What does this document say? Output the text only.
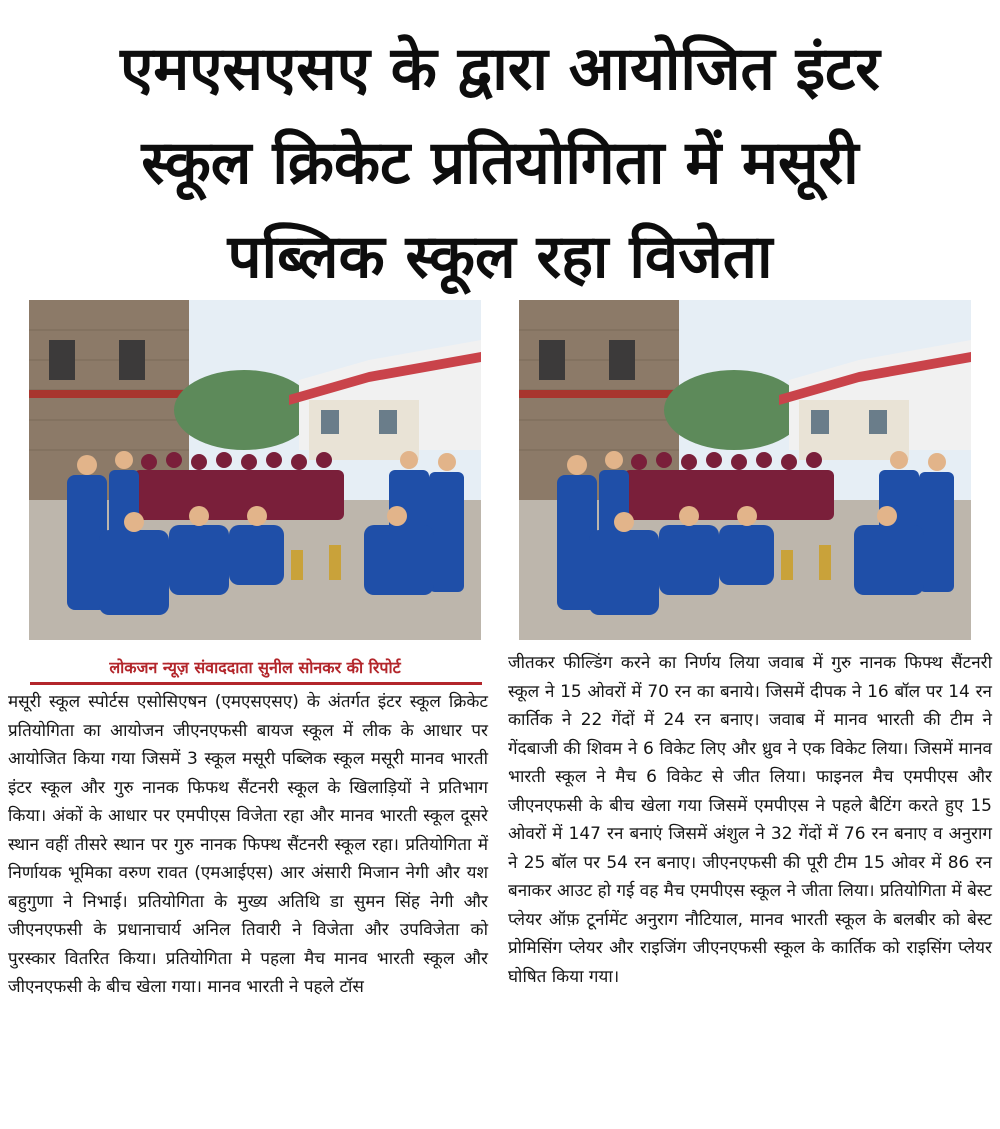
एमएसएसए के द्वारा आयोजित इंटर
स्कूल क्रिकेट प्रतियोगिता में मसूरी
पब्लिक स्कूल रहा विजेता
लोकजन न्यूज़ संवाददाता सुनील सोनकर की रिपोर्ट
मसूरी स्कूल स्पोर्टस एसोसिएषन (एमएसएसए) के अंतर्गत इंटर स्कूल क्रिकेट प्रतियोगिता का आयोजन जीएनएफसी बायज स्कूल में लीक के आधार पर आयोजित किया गया जिसमें 3 स्कूल मसूरी पब्लिक स्कूल मसूरी मानव भारती इंटर स्कूल और गुरु नानक फिफथ सैंटनरी स्कूल के खिलाड़ियों ने प्रतिभाग किया। अंकों के आधार पर एमपीएस विजेता रहा और मानव भारती स्कूल दूसरे स्थान वहीं तीसरे स्थान पर गुरु नानक फिफ्थ सैंटनरी स्कूल रहा। प्रतियोगिता में निर्णायक भूमिका वरुण रावत (एमआईएस) आर अंसारी मिजान नेगी और यश बहुगुणा ने निभाई। प्रतियोगिता के मुख्य अतिथि डा सुमन सिंह नेगी और जीएनएफसी के प्रधानाचार्य अनिल तिवारी ने विजेता और उपविजेता को पुरस्कार वितरित किया। प्रतियोगिता मे पहला मैच मानव भारती स्कूल और जीएनएफसी के बीच खेला गया। मानव भारती ने पहले टॉस
जीतकर फील्डिंग करने का निर्णय लिया जवाब में गुरु नानक फिफ्थ सैंटनरी स्कूल ने 15 ओवरों में 70 रन का बनाये। जिसमें दीपक ने 16 बॉल पर 14 रन कार्तिक ने 22 गेंदों में 24 रन बनाए। जवाब में मानव भारती की टीम ने गेंदबाजी की शिवम ने 6 विकेट लिए और ध्रुव ने एक विकेट लिया। जिसमें मानव भारती स्कूल ने मैच 6 विकेट से जीत लिया। फाइनल मैच एमपीएस और जीएनएफसी के बीच खेला गया जिसमें एमपीएस ने पहले बैटिंग करते हुए 15 ओवरों में 147 रन बनाएं जिसमें अंशुल ने 32 गेंदों में 76 रन बनाए व अनुराग ने 25 बॉल पर 54 रन बनाए। जीएनएफसी की पूरी टीम 15 ओवर में 86 रन बनाकर आउट हो गई वह मैच एमपीएस स्कूल ने जीता लिया। प्रतियोगिता में बेस्ट प्लेयर ऑफ़ टूर्नामेंट अनुराग नौटियाल, मानव भारती स्कूल के बलबीर को बेस्ट प्रोमिसिंग प्लेयर और राइजिंग जीएनएफसी स्कूल के कार्तिक को राइसिंग प्लेयर घोषित किया गया।
